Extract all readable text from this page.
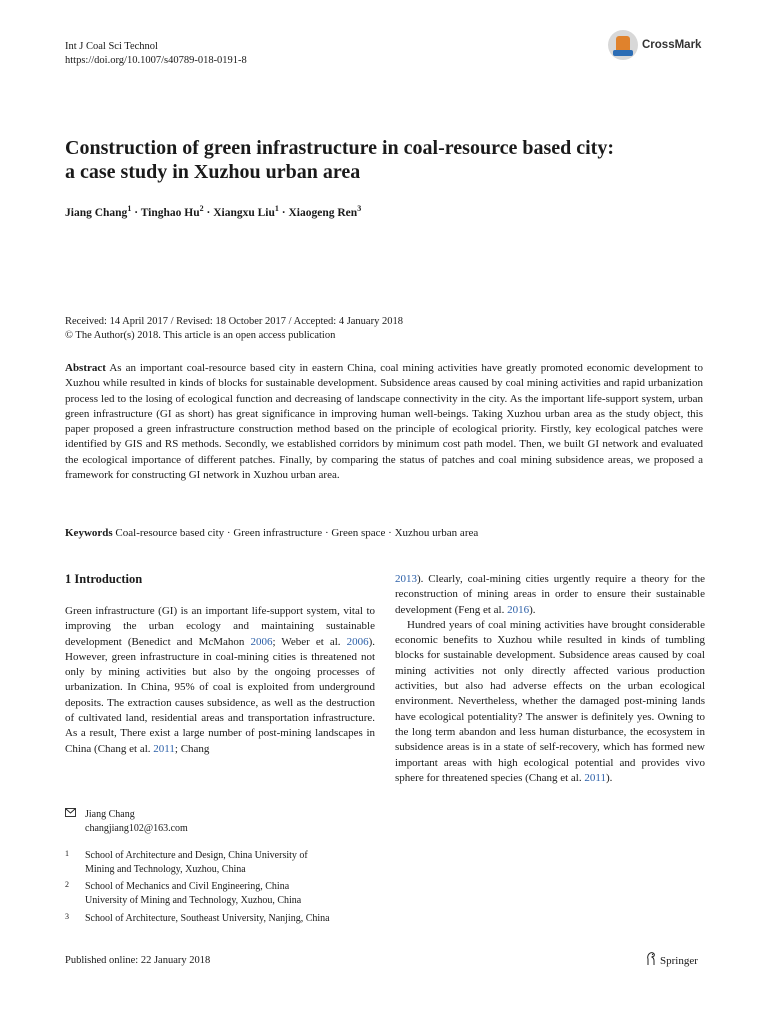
Int J Coal Sci Technol
https://doi.org/10.1007/s40789-018-0191-8
CrossMark
Construction of green infrastructure in coal-resource based city:
a case study in Xuzhou urban area
Jiang Chang$^1$ · Tinghao $Hu^2$ · Xiangxu Liu$^1$ · Xiaogeng Ren$^3$
Received: 14 April 2017 / Revised: 18 October 2017 / Accepted: 4 January 2018
© The Author(s) 2018. This article is an open access publication
Abstract As an important coal-resource based city in eastern China, coal mining activities have greatly promoted economic development to Xuzhou while resulted in kinds of blocks for sustainable development. Subsidence areas caused by coal mining activities and rapid urbanization process led to the losing of ecological function and decreasing of landscape connectivity in the city. As the important life-support system, urban green infrastructure (GI as short) has great significance in improving human well-beings. Taking Xuzhou urban area as the study object, this paper proposed a green infrastructure construction method based on the principle of ecological priority. Firstly, key ecological patches were identified by GIS and RS methods. Secondly, we established corridors by minimum cost path model. Then, we built GI network and evaluated the ecological importance of different patches. Finally, by comparing the status of patches and coal mining subsidence areas, we proposed a framework for constructing GI network in Xuzhou urban area.
Keywords Coal-resource based city · Green infrastructure · Green space · Xuzhou urban area
1 Introduction

Green infrastructure (GI) is an important life-support system, vital to improving the urban ecology and maintaining sustainable development (Benedict and McMahon 2006; Weber et al. 2006). However, green infrastructure in coal-mining cities is threatened not only by mining activities but also by the ongoing processes of urbanization. In China, 95% of coal is exploited from underground deposits. The extraction causes subsidence, as well as the destruction of cultivated land, residential areas and transportation infrastructure. As a result, There exist a large number of post-mining landscapes in China (Chang et al. 2011; Chang

Jiang Chang
changjiang102@163.com
1 School of Architecture and Design, China University of
Mining and Technology, Xuzhou, China
2 School of Mechanics and Civil Engineering, China
University of Mining and Technology, Xuzhou, China
3 School of Architecture, Southeast University, Nanjing, China

2013). Clearly, coal-mining cities urgently require a theory for the reconstruction of mining areas in order to ensure their sustainable development (Feng et al. 2016).

Hundred years of coal mining activities have brought considerable economic benefits to Xuzhou while resulted in kinds of tumbling blocks for sustainable development. Subsidence areas caused by coal mining activities not only directly affected various production activities, but also had adverse effects on the urban ecological environment. Nevertheless, whether the damaged post-mining lands have ecological potentiality? The answer is definitely yes. Owning to the long term abandon and less human disturbance, the ecosystem in subsidence areas is in a state of self-recovery, which has formed new important areas with high ecological potential and provides vivo sphere for threatened species (Chang et al. 2011).

Published online: 22 January 2018	Springer
